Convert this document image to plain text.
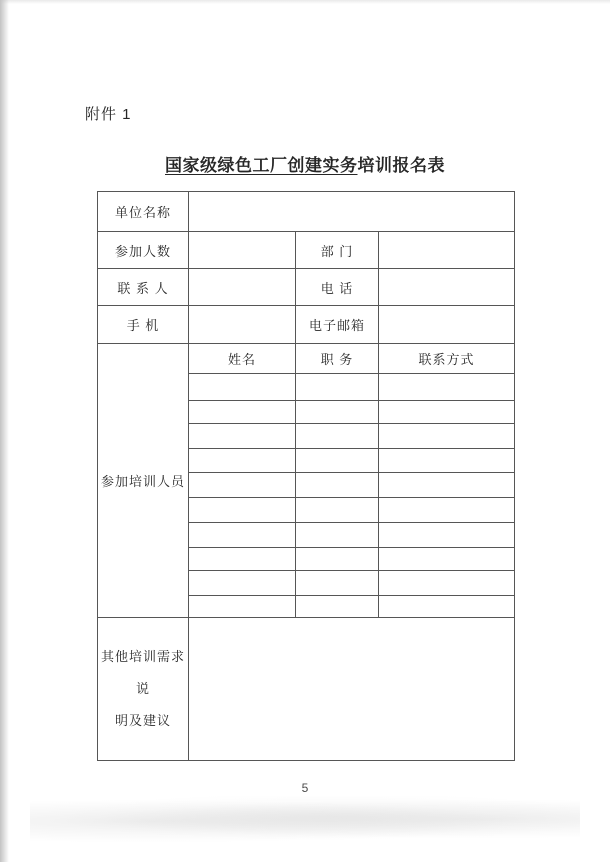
附件 1
国家级绿色工厂创建实务培训报名表
单位名称			
参加人数		部 门	
联 系 人		电 话	
手 机		电子邮箱	
参加培训人员	姓名	职 务	联系方式

其他培训需求说
明及建议			

5
